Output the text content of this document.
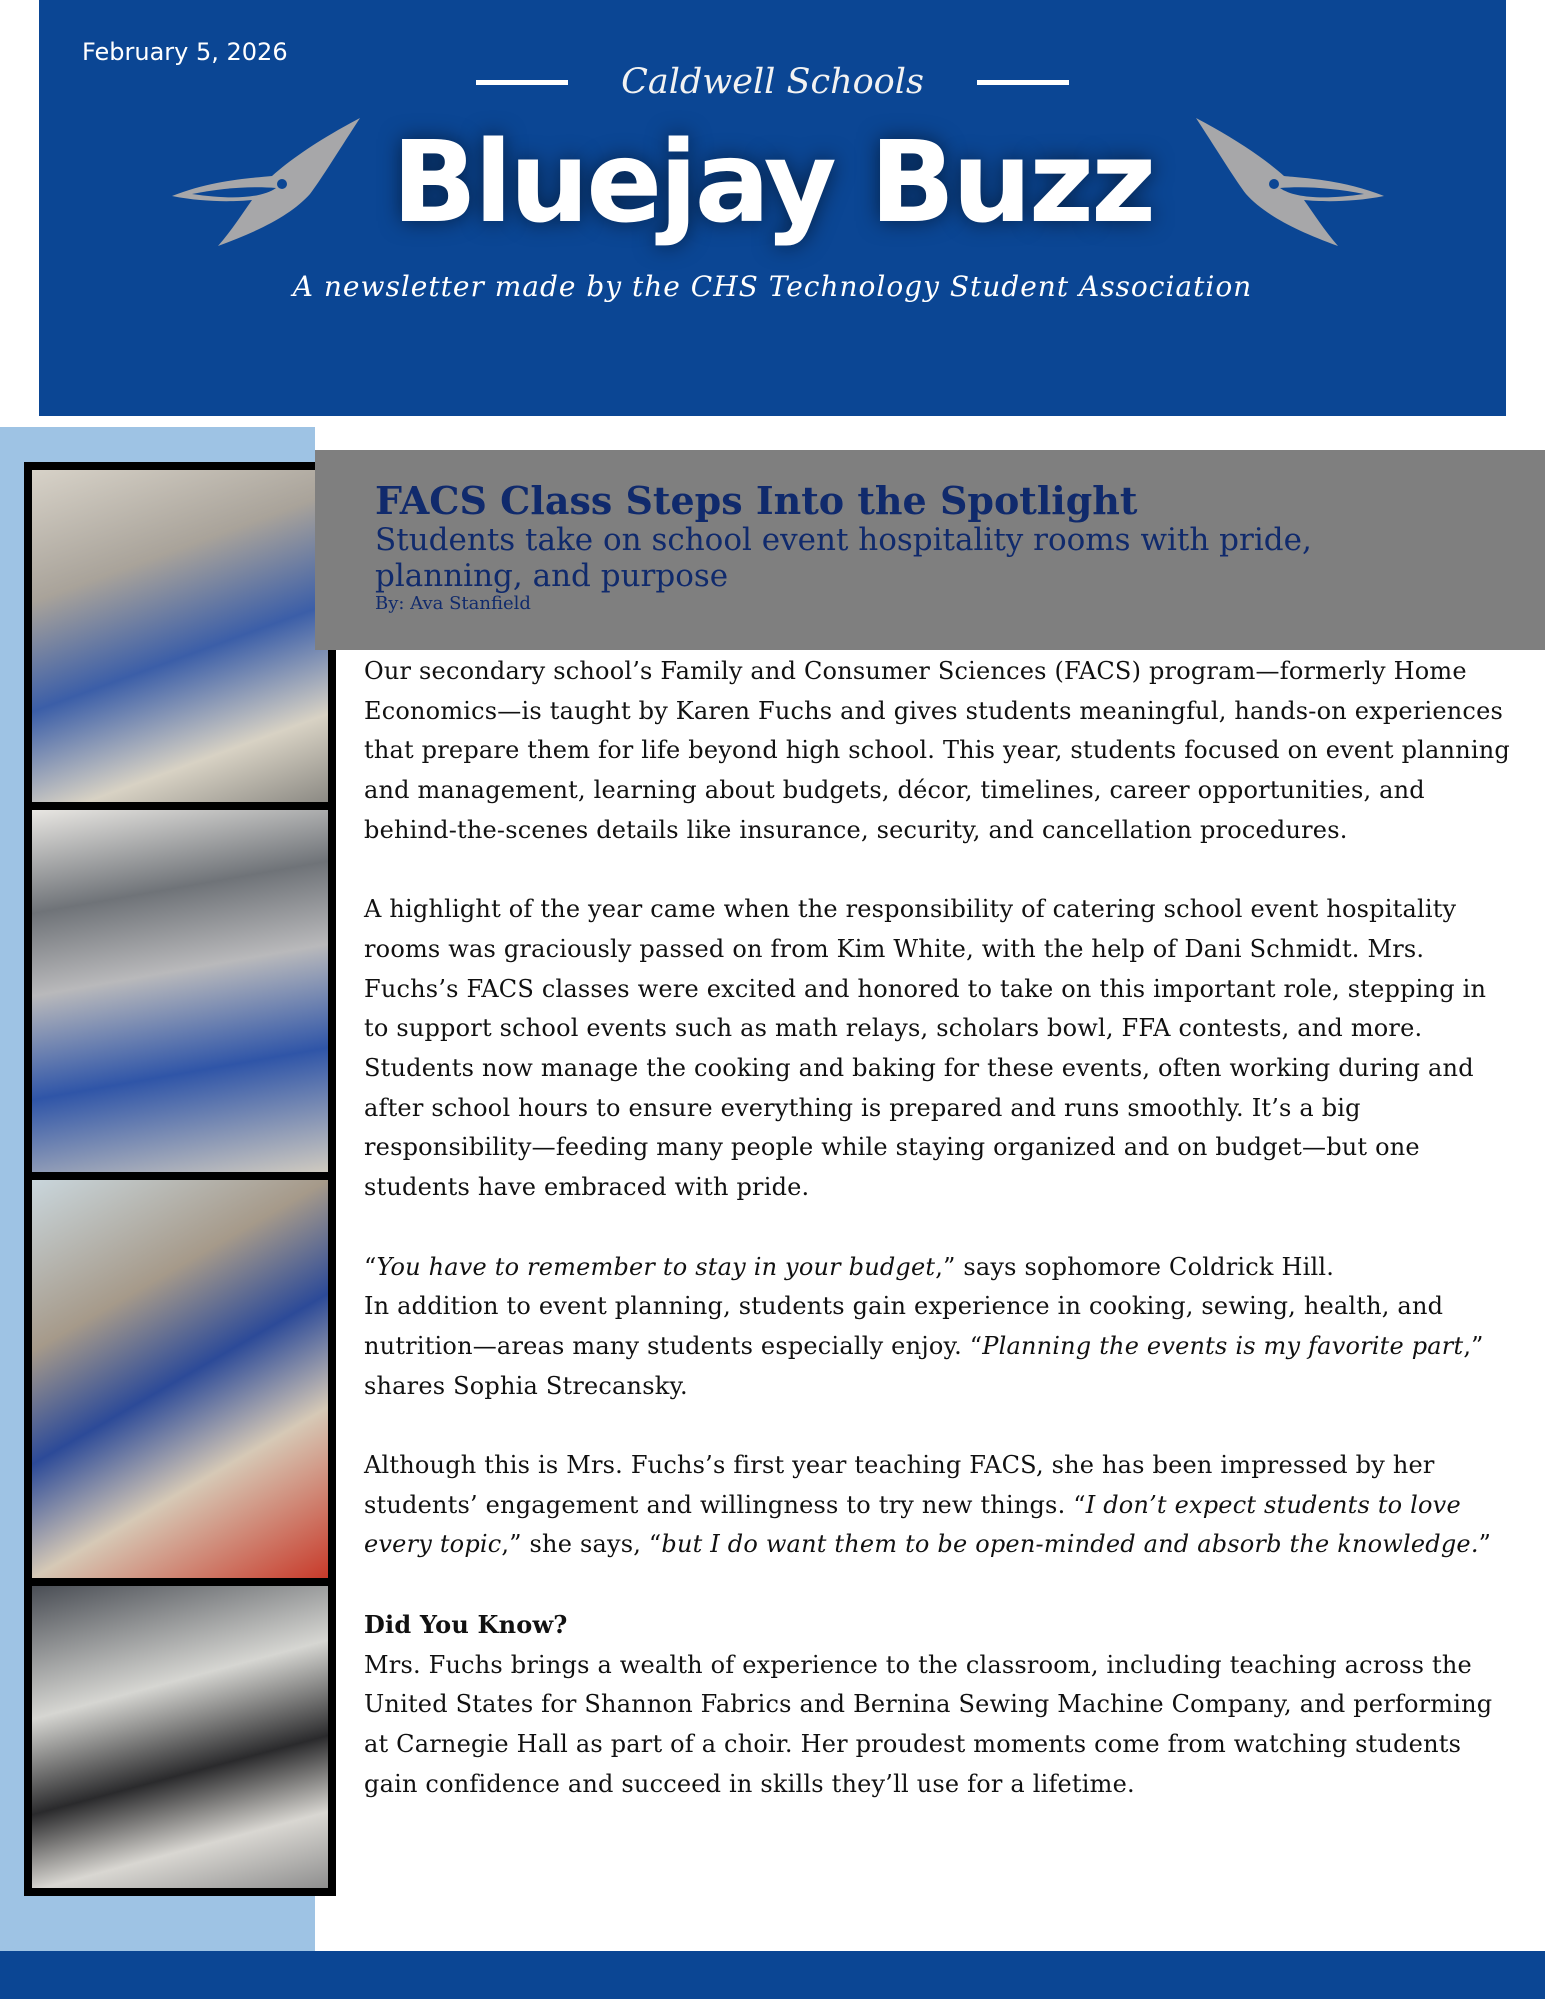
February 5, 2026
Caldwell Schools
Bluejay Buzz
A newsletter made by the CHS Technology Student Association
FACS Class Steps Into the Spotlight
Students take on school event hospitality rooms with pride, planning, and purpose
By: Ava Stanfield

Our secondary school’s Family and Consumer Sciences (FACS) program—formerly Home Economics—is taught by Karen Fuchs and gives students meaningful, hands-on experiences that prepare them for life beyond high school. This year, students focused on event planning and management, learning about budgets, décor, timelines, career opportunities, and behind-the-scenes details like insurance, security, and cancellation procedures.

A highlight of the year came when the responsibility of catering school event hospitality rooms was graciously passed on from Kim White, with the help of Dani Schmidt. Mrs. Fuchs’s FACS classes were excited and honored to take on this important role, stepping in to support school events such as math relays, scholars bowl, FFA contests, and more. Students now manage the cooking and baking for these events, often working during and after school hours to ensure everything is prepared and runs smoothly. It’s a big responsibility—feeding many people while staying organized and on budget—but one students have embraced with pride.

“You have to remember to stay in your budget,” says sophomore Coldrick Hill.

In addition to event planning, students gain experience in cooking, sewing, health, and nutrition—areas many students especially enjoy. “Planning the events is my favorite part,” shares Sophia Strecansky.

Although this is Mrs. Fuchs’s first year teaching FACS, she has been impressed by her students’ engagement and willingness to try new things. “I don’t expect students to love every topic,” she says, “but I do want them to be open-minded and absorb the knowledge.”

Did You Know?

Mrs. Fuchs brings a wealth of experience to the classroom, including teaching across the United States for Shannon Fabrics and Bernina Sewing Machine Company, and performing at Carnegie Hall as part of a choir. Her proudest moments come from watching students gain confidence and succeed in skills they’ll use for a lifetime.
